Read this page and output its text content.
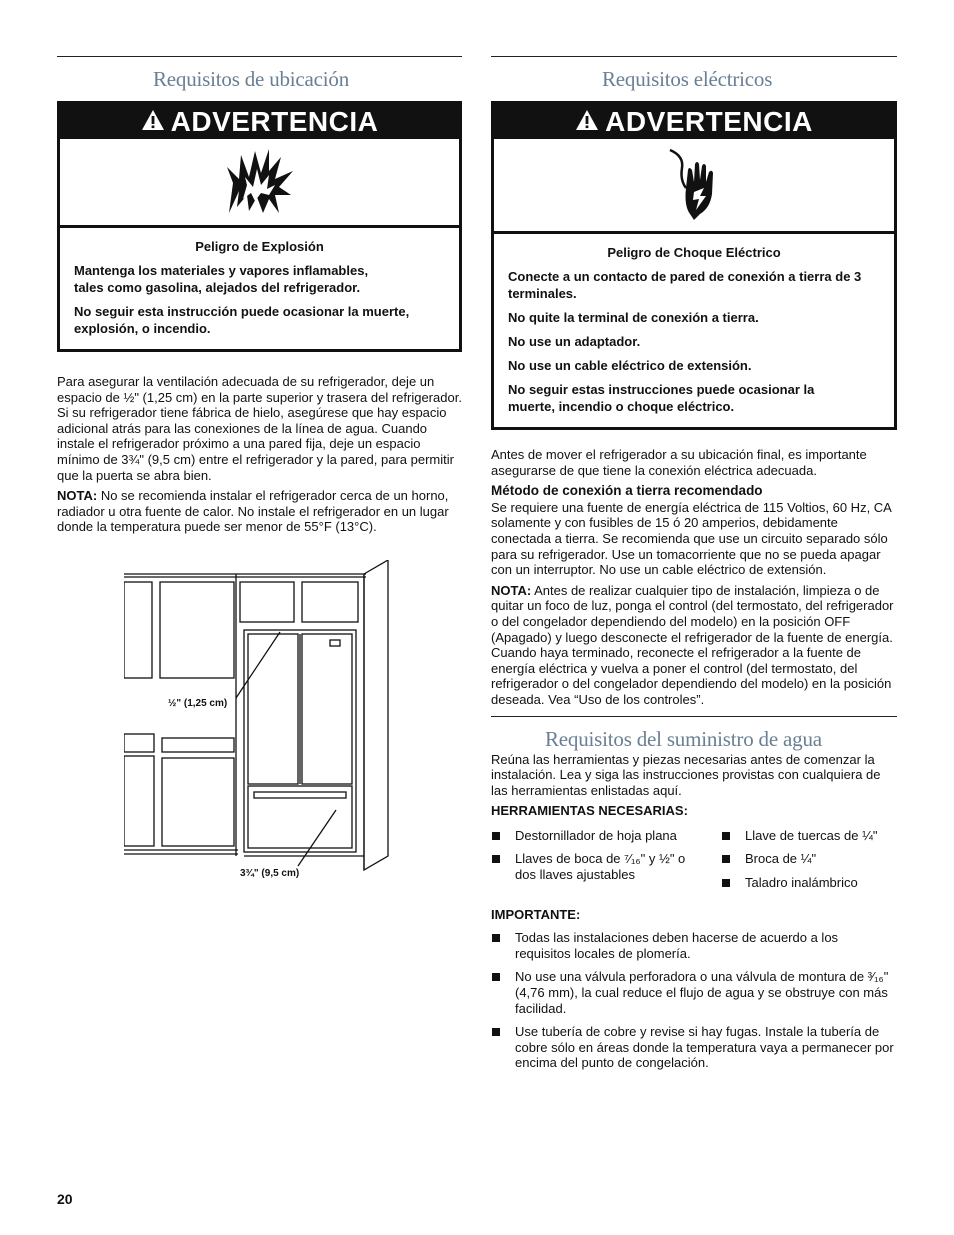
Requisitos de ubicación
ADVERTENCIA
Peligro de Explosión

Mantenga los materiales y vapores inflamables, tales como gasolina, alejados del refrigerador.

No seguir esta instrucción puede ocasionar la muerte, explosión, o incendio.

Para asegurar la ventilación adecuada de su refrigerador, deje un espacio de ½" (1,25 cm) en la parte superior y trasera del refrigerador. Si su refrigerador tiene fábrica de hielo, asegúrese que hay espacio adicional atrás para las conexiones de la línea de agua. Cuando instale el refrigerador próximo a una pared fija, deje un espacio mínimo de 3¾" (9,5 cm) entre el refrigerador y la pared, para permitir que la puerta se abra bien.

NOTA: No se recomienda instalar el refrigerador cerca de un horno, radiador u otra fuente de calor. No instale el refrigerador en un lugar donde la temperatura puede ser menor de 55°F (13°C).

½" (1,25 cm)
3¾" (9,5 cm)
Requisitos eléctricos
ADVERTENCIA
Peligro de Choque Eléctrico

Conecte a un contacto de pared de conexión a tierra de 3 terminales.

No quite la terminal de conexión a tierra.

No use un adaptador.

No use un cable eléctrico de extensión.

No seguir estas instrucciones puede ocasionar la muerte, incendio o choque eléctrico.

Antes de mover el refrigerador a su ubicación final, es importante asegurarse de que tiene la conexión eléctrica adecuada.

Método de conexión a tierra recomendado

Se requiere una fuente de energía eléctrica de 115 Voltios, 60 Hz, CA solamente y con fusibles de 15 ó 20 amperios, debidamente conectada a tierra. Se recomienda que use un circuito separado sólo para su refrigerador. Use un tomacorriente que no se pueda apagar con un interruptor. No use un cable eléctrico de extensión.

NOTA: Antes de realizar cualquier tipo de instalación, limpieza o de quitar un foco de luz, ponga el control (del termostato, del refrigerador o del congelador dependiendo del modelo) en la posición OFF (Apagado) y luego desconecte el refrigerador de la fuente de energía. Cuando haya terminado, reconecte el refrigerador a la fuente de energía eléctrica y vuelva a poner el control (del termostato, del refrigerador o del congelador dependiendo del modelo) en la posición deseada. Vea “Uso de los controles”.

Requisitos del suministro de agua

Reúna las herramientas y piezas necesarias antes de comenzar la instalación. Lea y siga las instrucciones provistas con cualquiera de las herramientas enlistadas aquí.

HERRAMIENTAS NECESARIAS:
Destornillador de hoja plana
Llaves de boca de ⁷⁄₁₆" y ½" o dos llaves ajustables
Llave de tuercas de ¼"
Broca de ¼"
Taladro inalámbrico
IMPORTANTE:
Todas las instalaciones deben hacerse de acuerdo a los requisitos locales de plomería.
No use una válvula perforadora o una válvula de montura de ³⁄₁₆" (4,76 mm), la cual reduce el flujo de agua y se obstruye con más facilidad.
Use tubería de cobre y revise si hay fugas. Instale la tubería de cobre sólo en áreas donde la temperatura vaya a permanecer por encima del punto de congelación.
20
